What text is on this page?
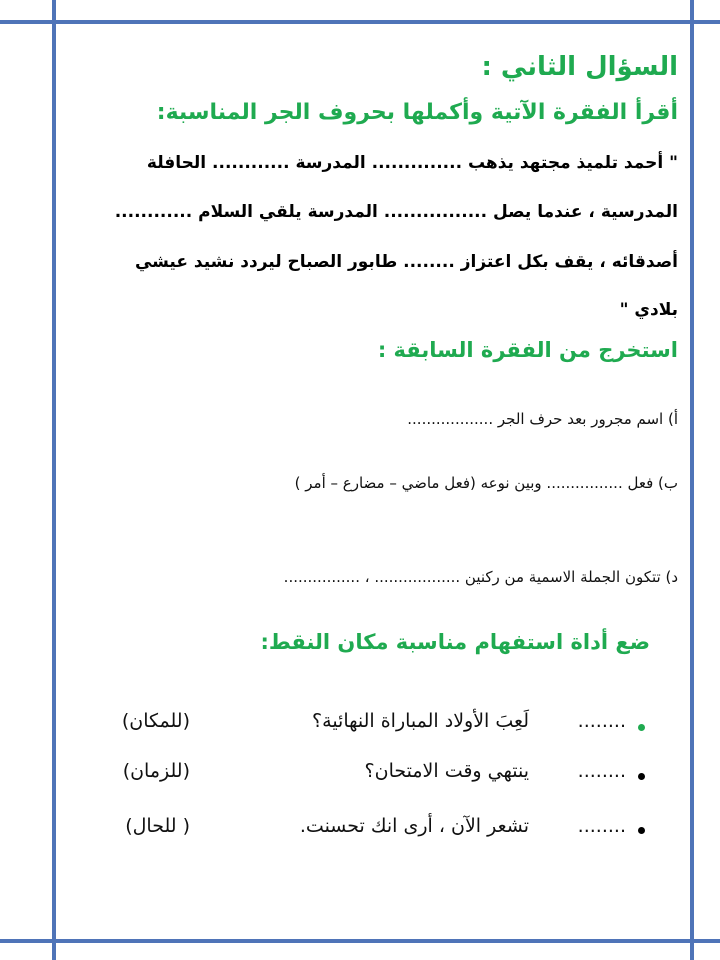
السؤال الثاني :

أقرأ الفقرة الآتية وأكملها بحروف الجر المناسبة:

" أحمد تلميذ مجتهد يذهب .............. المدرسة ............ الحافلة

المدرسية ، عندما يصل ................ المدرسة يلقي السلام ............

أصدقائه ، يقف بكل اعتزاز ........ طابور الصباح ليردد نشيد عيشي

بلادي "

استخرج من الفقرة السابقة :

أ) اسم مجرور بعد حرف الجر ..................

ب) فعل ................ وبين نوعه (فعل ماضي – مضارع – أمر )

د) تتكون الجملة الاسمية من ركنين .................. ، ................

ضع أداة استفهام مناسبة مكان النقط:

........

لَعِبَ الأولاد المباراة النهائية؟

(للمكان)

........

ينتهي وقت الامتحان؟

(للزمان)

........

تشعر الآن ، أرى انك تحسنت.

( للحال)
